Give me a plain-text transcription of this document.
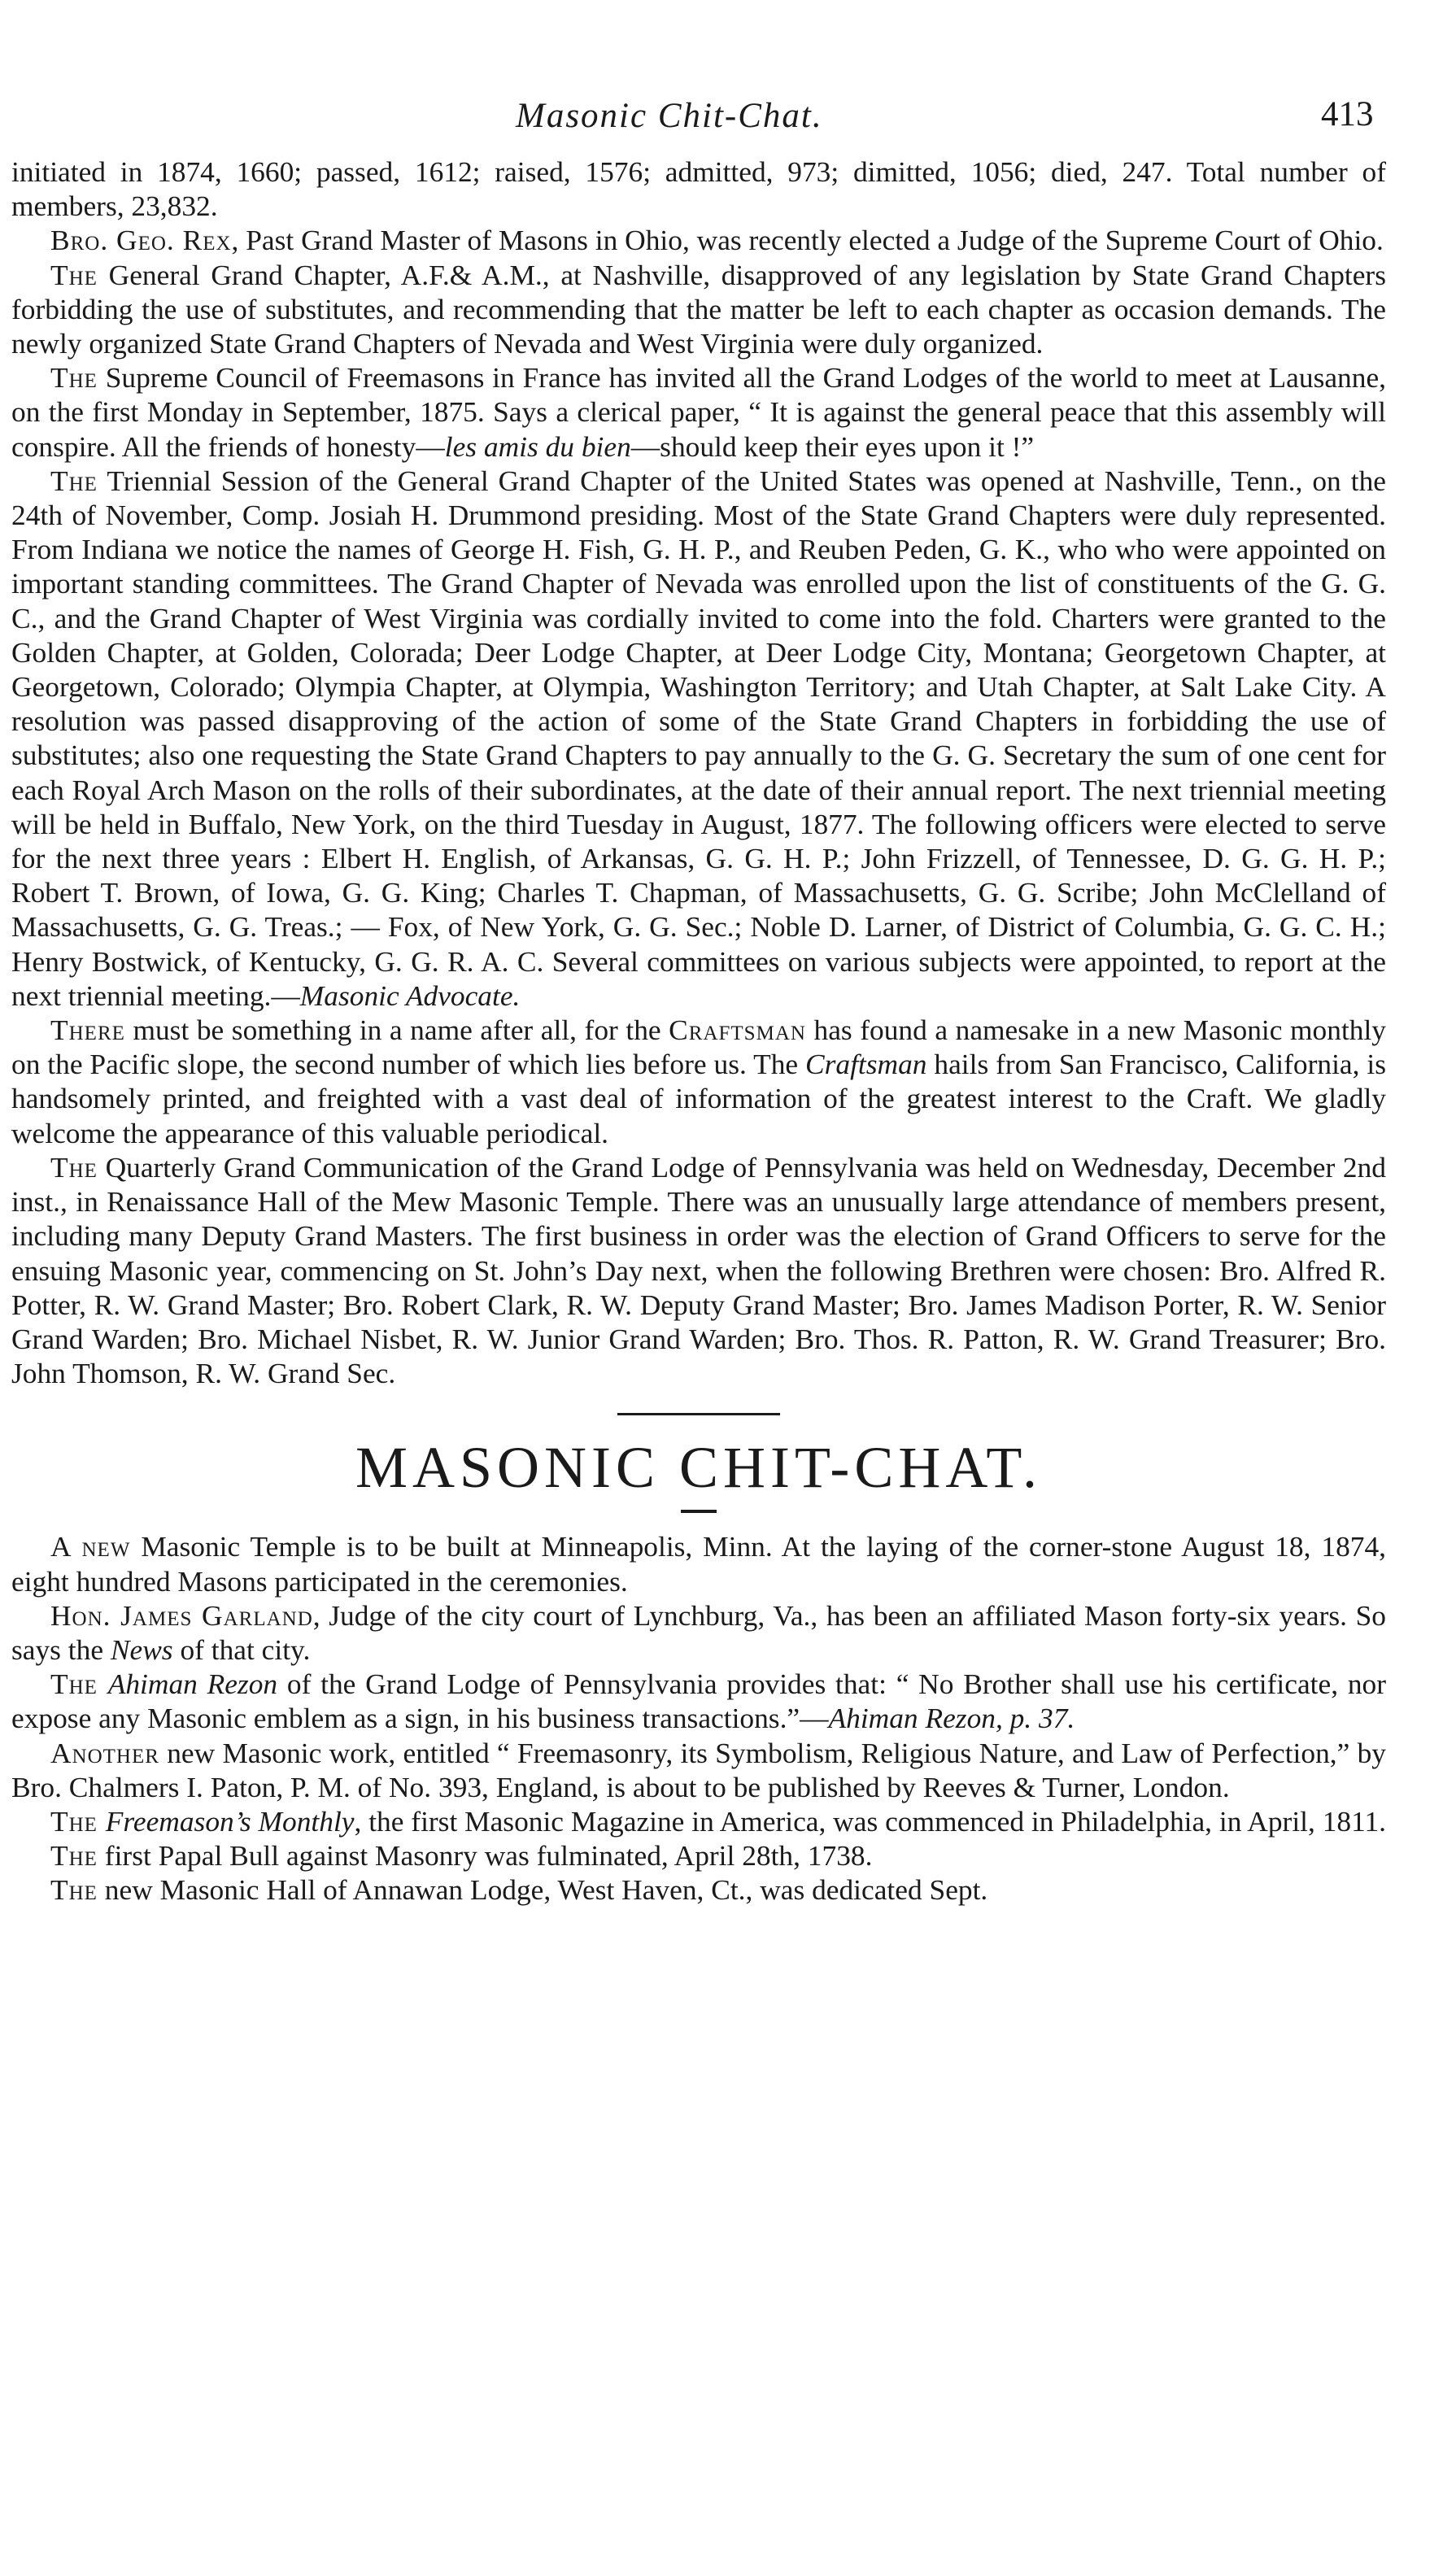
Masonic Chit-Chat.	413

initiated in 1874, 1660; passed, 1612; raised, 1576; admitted, 973; dimitted, 1056; died, 247. Total number of members, 23,832.

Bro. Geo. Rex, Past Grand Master of Masons in Ohio, was recently elected a Judge of the Supreme Court of Ohio.

The General Grand Chapter, A.F.& A.M., at Nashville, disapproved of any legislation by State Grand Chapters forbidding the use of substitutes, and recommending that the matter be left to each chapter as occasion demands. The newly organized State Grand Chapters of Nevada and West Virginia were duly organized.

The Supreme Council of Freemasons in France has invited all the Grand Lodges of the world to meet at Lausanne, on the first Monday in September, 1875. Says a clerical paper, “ It is against the general peace that this assembly will conspire. All the friends of honesty—les amis du bien—should keep their eyes upon it !”

The Triennial Session of the General Grand Chapter of the United States was opened at Nashville, Tenn., on the 24th of November, Comp. Josiah H. Drummond presiding. Most of the State Grand Chapters were duly represented. From Indiana we notice the names of George H. Fish, G. H. P., and Reuben Peden, G. K., who who were appointed on important standing committees. The Grand Chapter of Nevada was enrolled upon the list of constituents of the G. G. C., and the Grand Chapter of West Virginia was cordially invited to come into the fold. Charters were granted to the Golden Chapter, at Golden, Colorada; Deer Lodge Chapter, at Deer Lodge City, Montana; Georgetown Chapter, at Georgetown, Colorado; Olympia Chapter, at Olympia, Washington Territory; and Utah Chapter, at Salt Lake City. A resolution was passed disapproving of the action of some of the State Grand Chapters in forbidding the use of substitutes; also one requesting the State Grand Chapters to pay annually to the G. G. Secretary the sum of one cent for each Royal Arch Mason on the rolls of their subordinates, at the date of their annual report. The next triennial meeting will be held in Buffalo, New York, on the third Tuesday in August, 1877. The following officers were elected to serve for the next three years : Elbert H. English, of Arkansas, G. G. H. P.; John Frizzell, of Tennessee, D. G. G. H. P.; Robert T. Brown, of Iowa, G. G. King; Charles T. Chapman, of Massachusetts, G. G. Scribe; John McClelland of Massachusetts, G. G. Treas.; — Fox, of New York, G. G. Sec.; Noble D. Larner, of District of Columbia, G. G. C. H.; Henry Bostwick, of Kentucky, G. G. R. A. C. Several committees on various subjects were appointed, to report at the next triennial meeting.—Masonic Advocate.

There must be something in a name after all, for the Craftsman has found a namesake in a new Masonic monthly on the Pacific slope, the second number of which lies before us. The Craftsman hails from San Francisco, California, is handsomely printed, and freighted with a vast deal of information of the greatest interest to the Craft. We gladly welcome the appearance of this valuable periodical.

The Quarterly Grand Communication of the Grand Lodge of Pennsylvania was held on Wednesday, December 2nd inst., in Renaissance Hall of the Mew Masonic Temple. There was an unusually large attendance of members present, including many Deputy Grand Masters. The first business in order was the election of Grand Officers to serve for the ensuing Masonic year, commencing on St. John’s Day next, when the following Brethren were chosen: Bro. Alfred R. Potter, R. W. Grand Master; Bro. Robert Clark, R. W. Deputy Grand Master; Bro. James Madison Porter, R. W. Senior Grand Warden; Bro. Michael Nisbet, R. W. Junior Grand Warden; Bro. Thos. R. Patton, R. W. Grand Treasurer; Bro. John Thomson, R. W. Grand Sec.

MASONIC CHIT-CHAT.

A new Masonic Temple is to be built at Minneapolis, Minn. At the laying of the corner-stone August 18, 1874, eight hundred Masons participated in the ceremonies.

Hon. James Garland, Judge of the city court of Lynchburg, Va., has been an affiliated Mason forty-six years. So says the News of that city.

The Ahiman Rezon of the Grand Lodge of Pennsylvania provides that: “ No Brother shall use his certificate, nor expose any Masonic emblem as a sign, in his business transactions.”—Ahiman Rezon, p. 37.

Another new Masonic work, entitled “ Freemasonry, its Symbolism, Religious Nature, and Law of Perfection,” by Bro. Chalmers I. Paton, P. M. of No. 393, England, is about to be published by Reeves & Turner, London.

The Freemason’s Monthly, the first Masonic Magazine in America, was commenced in Philadelphia, in April, 1811.

The first Papal Bull against Masonry was fulminated, April 28th, 1738.

The new Masonic Hall of Annawan Lodge, West Haven, Ct., was dedicated Sept.
